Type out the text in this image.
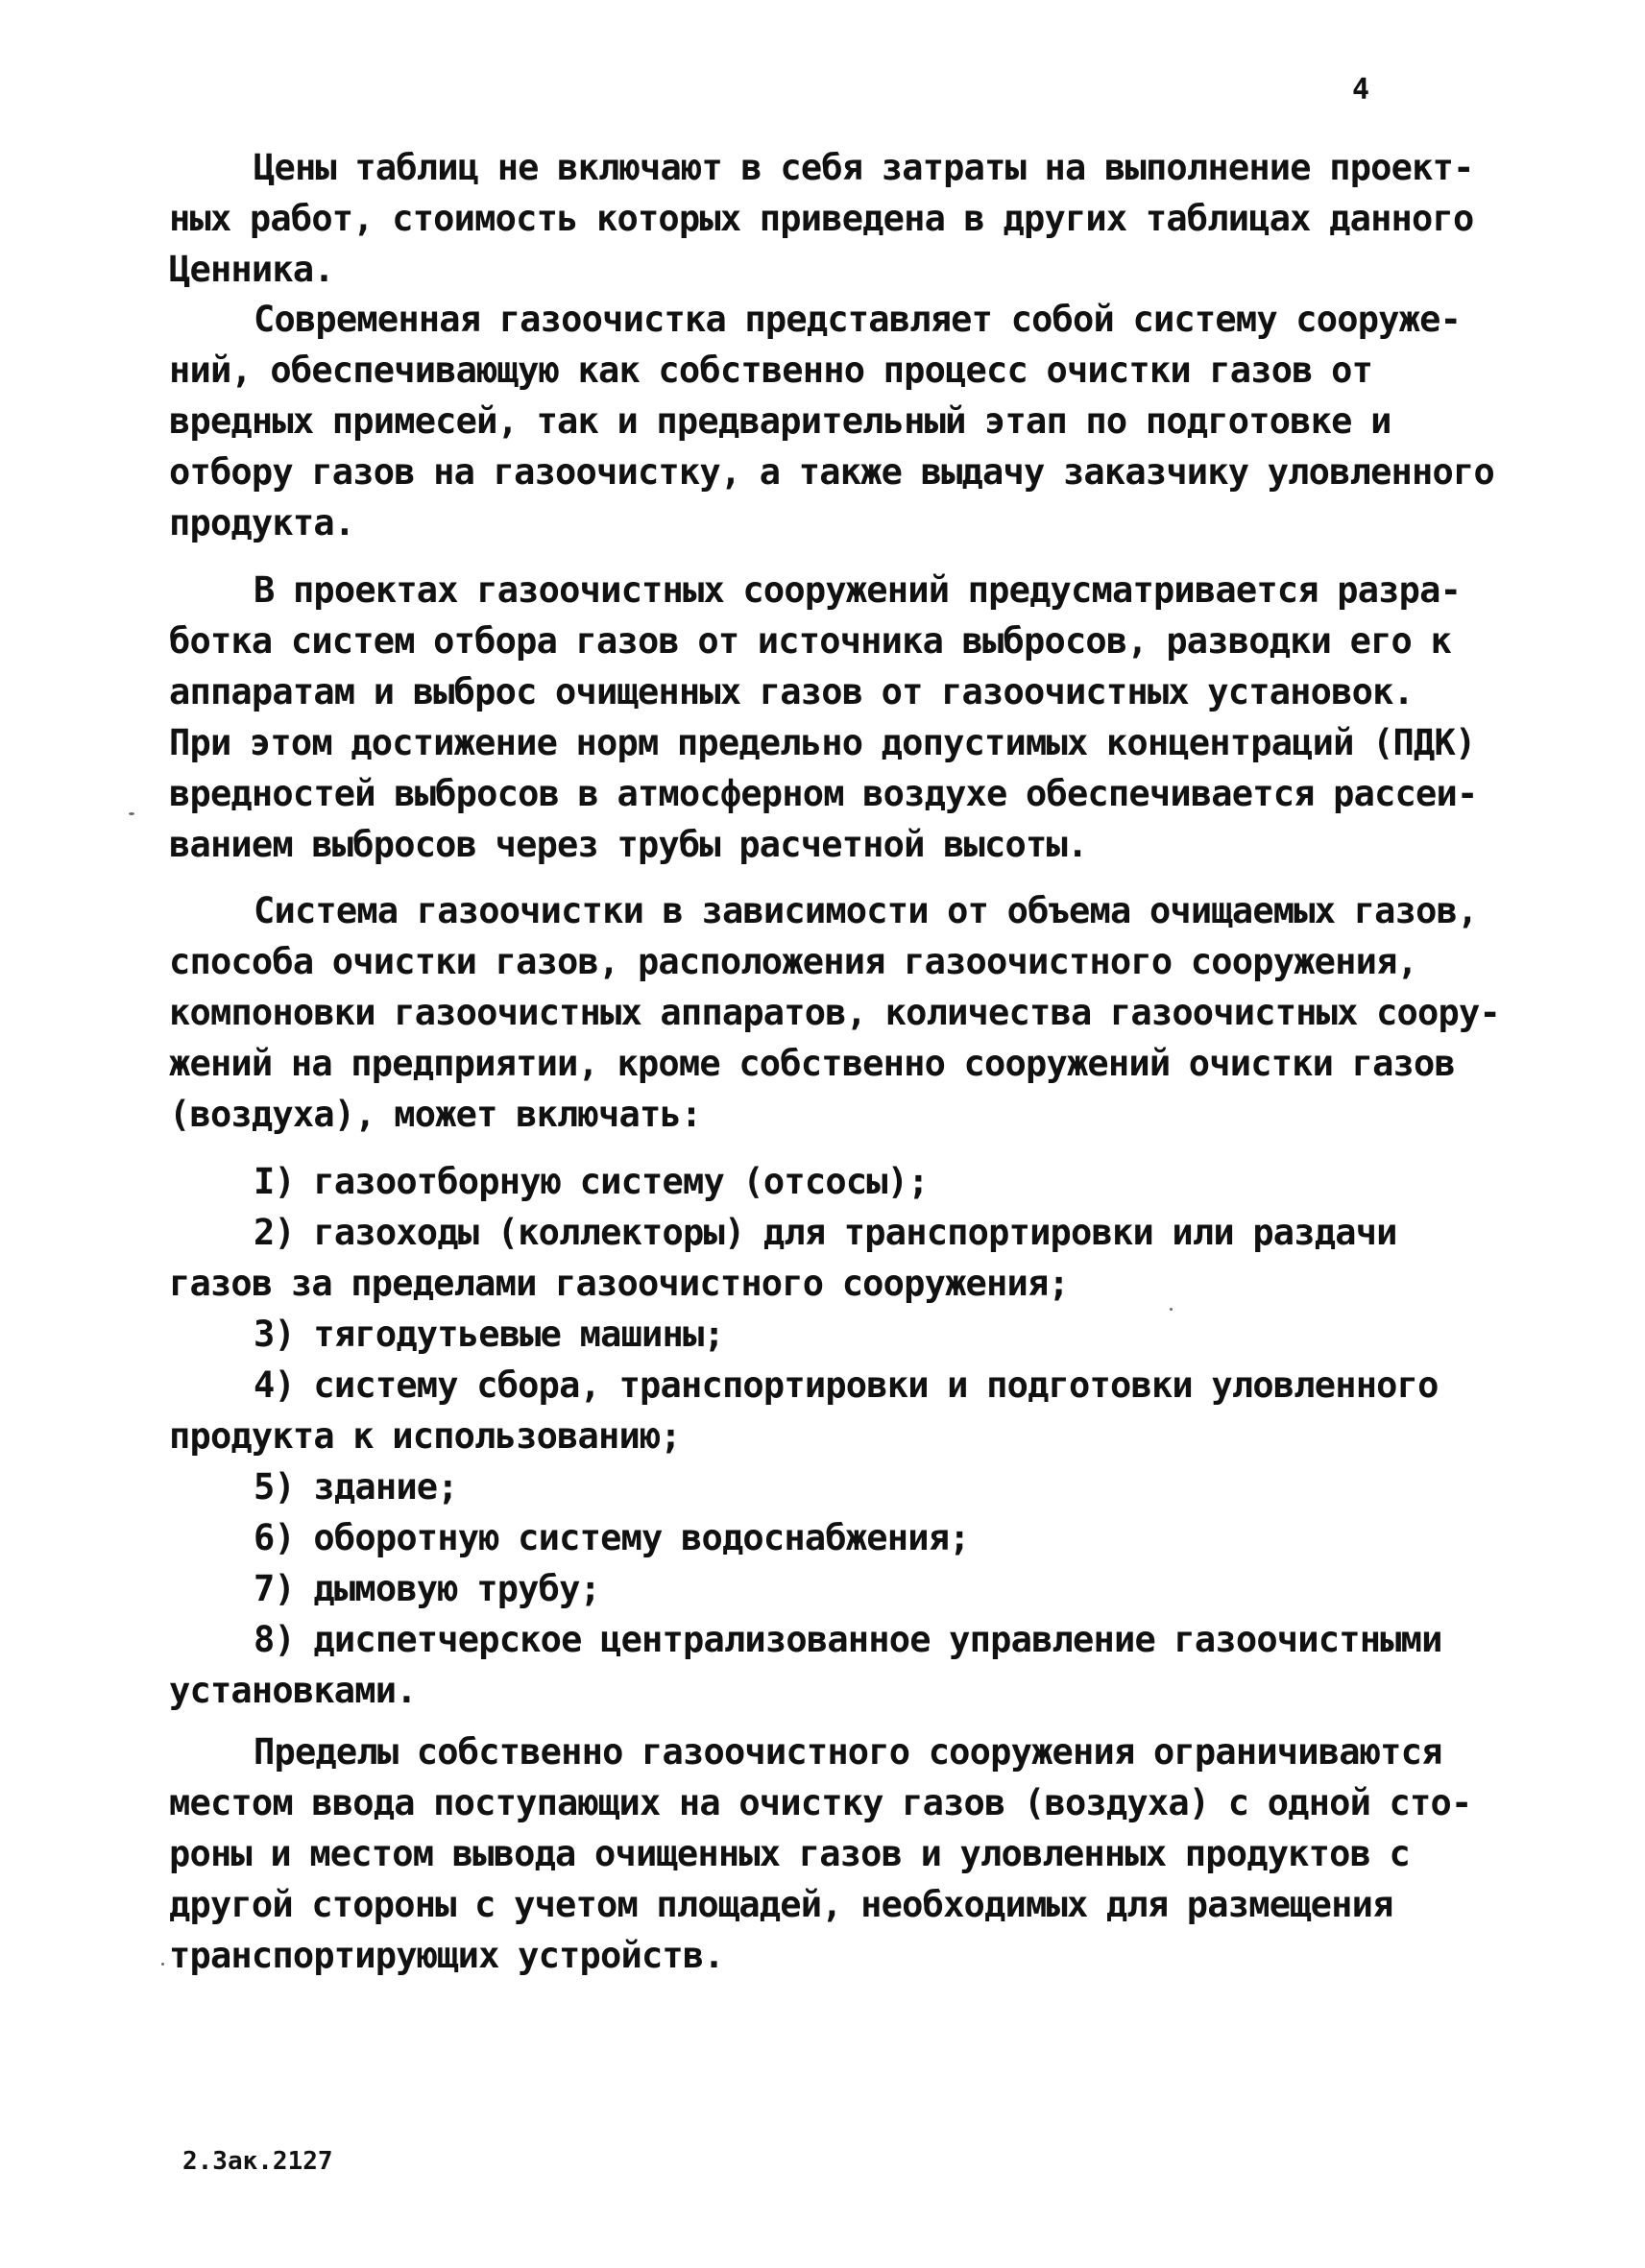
4
Цены таблиц не включают в себя затраты на выполнение проект-
ных работ, стоимость которых приведена в других таблицах данного
Ценника.
Современная газоочистка представляет собой систему сооруже-
ний, обеспечивающую как собственно процесс очистки газов от
вредных примесей, так и предварительный этап по подготовке и
отбору газов на газоочистку, а также выдачу заказчику уловленного
продукта.
В проектах газоочистных сооружений предусматривается разра-
ботка систем отбора газов от источника выбросов, разводки его к
аппаратам и выброс очищенных газов от газоочистных установок.
При этом достижение норм предельно допустимых концентраций (ПДК)
вредностей выбросов в атмосферном воздухе обеспечивается рассеи-
ванием выбросов через трубы расчетной высоты.
Система газоочистки в зависимости от объема очищаемых газов,
способа очистки газов, расположения газоочистного сооружения,
компоновки газоочистных аппаратов, количества газоочистных соору-
жений на предприятии, кроме собственно сооружений очистки газов
(воздуха), может включать:
I) газоотборную систему (отсосы);
2) газоходы (коллекторы) для транспортировки или раздачи
газов за пределами газоочистного сооружения;
3) тягодутьевые машины;
4) систему сбора, транспортировки и подготовки уловленного
продукта к использованию;
5) здание;
6) оборотную систему водоснабжения;
7) дымовую трубу;
8) диспетчерское централизованное управление газоочистными
установками.
Пределы собственно газоочистного сооружения ограничиваются
местом ввода поступающих на очистку газов (воздуха) с одной сто-
роны и местом вывода очищенных газов и уловленных продуктов с
другой стороны с учетом площадей, необходимых для размещения
транспортирующих устройств.
2.Зак.2127
